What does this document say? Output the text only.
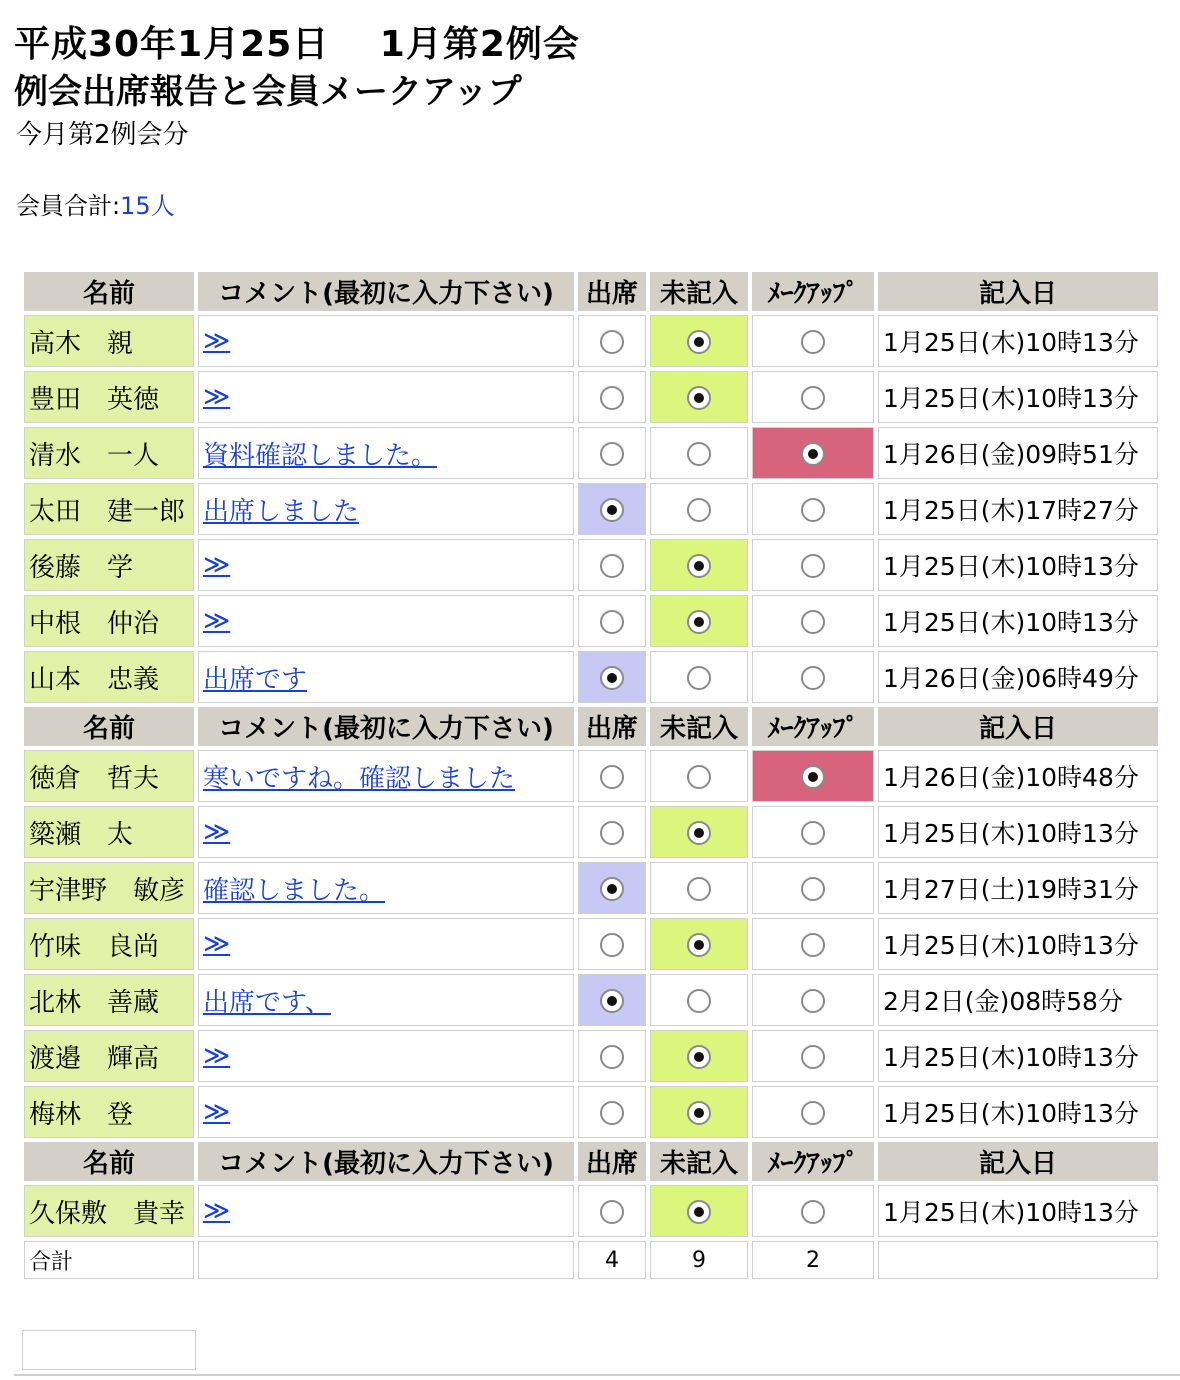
平成30年1月25日　 1月第2例会
例会出席報告と会員メークアップ
今月第2例会分
会員合計:15人
名前	コメント(最初に入力下さい)	出席	未記入	ﾒｰｸｱｯﾌﾟ	記入日
高木　親	≫				1月25日(木)10時13分
豊田　英徳	≫				1月25日(木)10時13分
清水　一人	資料確認しました。				1月26日(金)09時51分
太田　建一郎	出席しました				1月25日(木)17時27分
後藤　学	≫				1月25日(木)10時13分
中根　仲治	≫				1月25日(木)10時13分
山本　忠義	出席です				1月26日(金)06時49分
名前	コメント(最初に入力下さい)	出席	未記入	ﾒｰｸｱｯﾌﾟ	記入日
徳倉　哲夫	寒いですね。確認しました				1月26日(金)10時48分
簗瀬　太	≫				1月25日(木)10時13分
宇津野　敏彦	確認しました。				1月27日(土)19時31分
竹味　良尚	≫				1月25日(木)10時13分
北林　善蔵	出席です、				2月2日(金)08時58分
渡邉　輝高	≫				1月25日(木)10時13分
梅林　登	≫				1月25日(木)10時13分
名前	コメント(最初に入力下さい)	出席	未記入	ﾒｰｸｱｯﾌﾟ	記入日
久保敷　貴幸	≫				1月25日(木)10時13分
合計		4	9	2	
